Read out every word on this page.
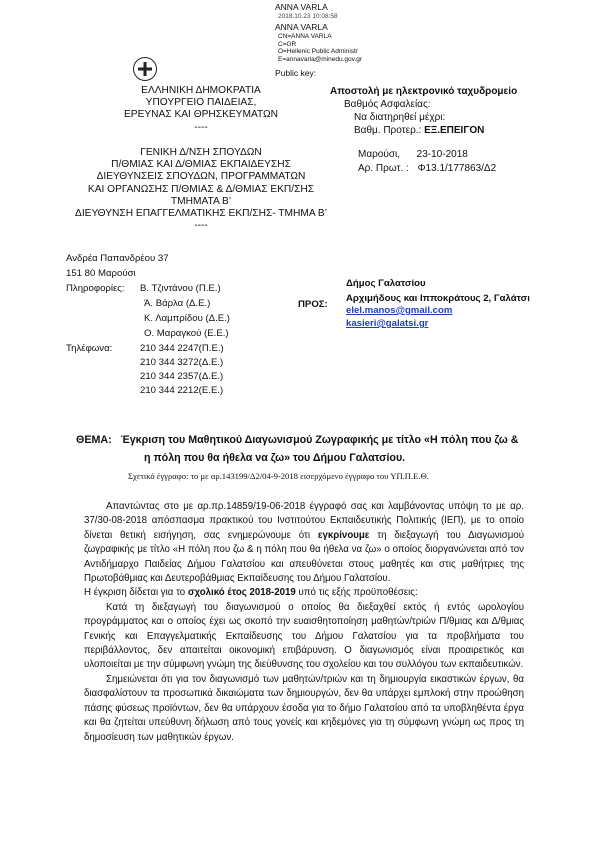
ANNA VARLA
2018.10.23 10:08:58
ANNA VARLA
CN=ANNA VARLA
C=GR
O=Hellenic Public Administr
E=annavarla@minedu.gov.gr
Public key:
ΕΛΛΗΝΙΚΗ ΔΗΜΟΚΡΑΤΙΑ
ΥΠΟΥΡΓΕΙΟ ΠΑΙΔΕΙΑΣ,
ΕΡΕΥΝΑΣ ΚΑΙ ΘΡΗΣΚΕΥΜΑΤΩΝ
----
ΓΕΝΙΚΗ Δ/ΝΣΗ ΣΠΟΥΔΩΝ
Π/ΘΜΙΑΣ ΚΑΙ Δ/ΘΜΙΑΣ ΕΚΠΑΙΔΕΥΣΗΣ
ΔΙΕΥΘΥΝΣΕΙΣ ΣΠΟΥΔΩΝ, ΠΡΟΓΡΑΜΜΑΤΩΝ
ΚΑΙ ΟΡΓΑΝΩΣΗΣ Π/ΘΜΙΑΣ & Δ/ΘΜΙΑΣ ΕΚΠ/ΣΗΣ
ΤΜΗΜΑΤΑ Β’
ΔΙΕΥΘΥΝΣΗ ΕΠΑΓΓΕΛΜΑΤΙΚΗΣ ΕΚΠ/ΣΗΣ- ΤΜΗΜΑ Β’
----
Αποστολή με ηλεκτρονικό ταχυδρομείο
Βαθμός Ασφαλείας:
Να διατηρηθεί μέχρι:
Βαθμ. Προτερ.: ΕΞ.ΕΠΕΙΓΟΝ
Μαρούσι,      23-10-2018
Αρ. Πρωτ. : Φ13.1/177863/Δ2
Ανδρέα Παπανδρέου 37
151 80 Μαρούσι
Πληροφορίες: Β. Τζιντάνου (Π.Ε.)
Ά. Βάρλα (Δ.Ε.)
Κ. Λαμπρίδου (Δ.Ε.)
Ο. Μαραγκού (Ε.Ε.)
Τηλέφωνα:	210 344 2247(Π.Ε.)
210 344 3272(Δ.Ε.)
210 344 2357(Δ.Ε.)
210 344 2212(Ε.Ε.)
ΠΡΟΣ:
Δήμος Γαλατσίου
Αρχιμήδους και Ιπποκράτους 2, Γαλάτσι
elel.manos@gmail.com
kasieri@galatsi.gr
ΘΕΜΑ: Έγκριση του Μαθητικού Διαγωνισμού Ζωγραφικής με τίτλο «Η πόλη που ζω &
η πόλη που θα ήθελα να ζω» του Δήμου Γαλατσίου.
Σχετικό έγγραφο: το με αρ.143199/Δ2/04-9-2018 εισερχόμενο έγγραφο του ΥΠ.Π.Ε.Θ.

Απαντώντας στο με αρ.πρ.14859/19-06-2018 έγγραφό σας και λαμβάνοντας υπόψη το με αρ. 37/30-08-2018 απόσπασμα πρακτικού του Ινστιτούτου Εκπαιδευτικής Πολιτικής (ΙΕΠ), με το οποίο δίνεται θετική εισήγηση, σας ενημερώνουμε ότι εγκρίνουμε τη διεξαγωγή του Διαγωνισμού ζωγραφικής με τίτλο «Η πόλη που ζω & η πόλη που θα ήθελα να ζω» ο οποίος διοργανώνεται από τον Αντιδήμαρχο Παιδείας Δήμου Γαλατσίου και απευθύνεται στους μαθητές και στις μαθήτριες της Πρωτοβάθμιας και Δευτεροβάθμιας Εκπαίδευσης του Δήμου Γαλατσίου.

Η έγκριση δίδεται για το σχολικό έτος 2018-2019 υπό τις εξής προϋποθέσεις:

Κατά τη διεξαγωγή του διαγωνισμού ο οποίος θα διεξαχθεί εκτός ή εντός ωρολογίου προγράμματος και ο οποίος έχει ως σκοπό την ευαισθητοποίηση μαθητών/τριών Π/θμιας και Δ/θμιας Γενικής και Επαγγελματικής Εκπαίδευσης του Δήμου Γαλατσίου για τα προβλήματα του περιβάλλοντος, δεν απαιτείται οικονομική επιβάρυνση. Ο διαγωνισμός είναι προαιρετικός και υλοποιείται με την σύμφωνη γνώμη της διεύθυνσης του σχολείου και του συλλόγου των εκπαιδευτικών.

Σημειώνεται ότι για τον διαγωνισμό των μαθητών/τριών και τη δημιουργία εικαστικών έργων, θα διασφαλίστουν τα προσωπικά δικαιώματα των δημιουργών, δεν θα υπάρχει εμπλοκή στην προώθηση πάσης φύσεως προϊόντων, δεν θα υπάρχουν έσοδα για το δήμο Γαλατσίου από τα υποβληθέντα έργα και θα ζητείται υπεύθυνη δήλωση από τους γονείς και κηδεμόνες για τη σύμφωνη γνώμη ως προς τη δημοσίευση των μαθητικών έργων.
